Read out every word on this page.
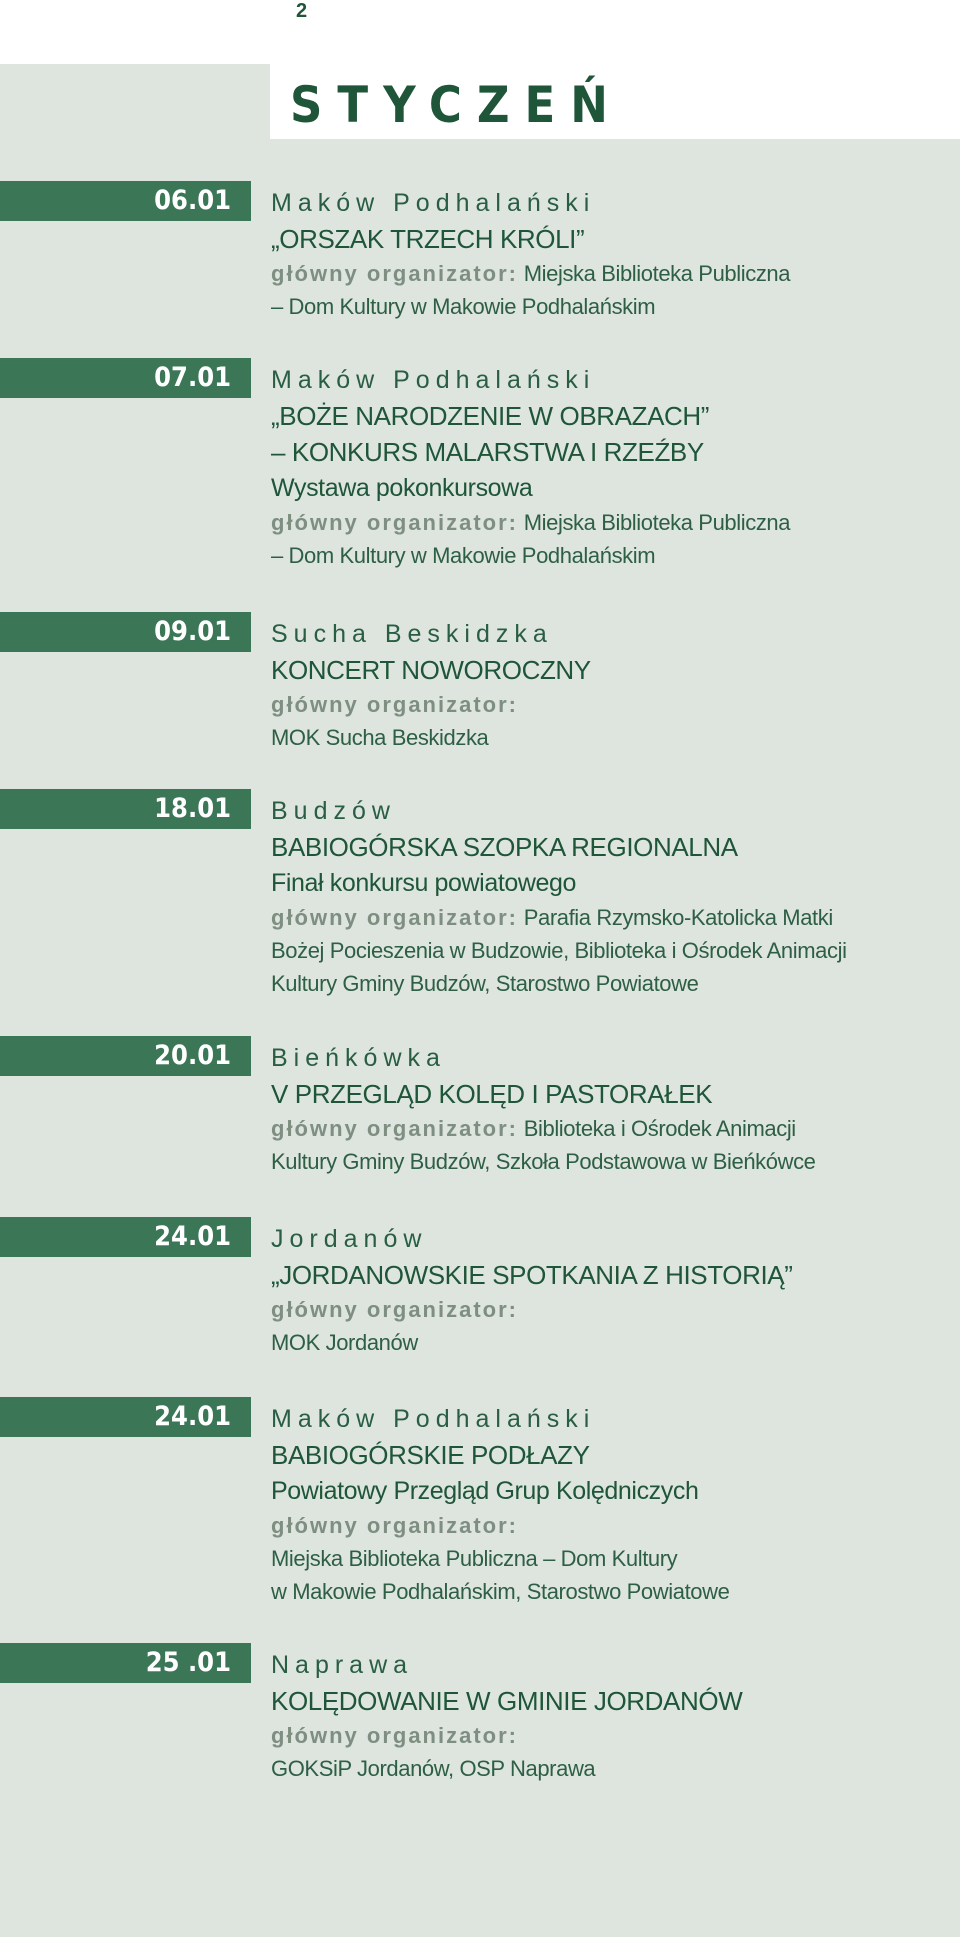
2
STYCZEŃ
06.01	Maków Podhalański
„ORSZAK TRZECH KRÓLI”
główny organizator: Miejska Biblioteka Publiczna
– Dom Kultury w Makowie Podhalańskim
07.01	Maków Podhalański
„BOŻE NARODZENIE W OBRAZACH”
– KONKURS MALARSTWA I RZEŹBY
Wystawa pokonkursowa
główny organizator: Miejska Biblioteka Publiczna
– Dom Kultury w Makowie Podhalańskim
09.01	Sucha Beskidzka
KONCERT NOWOROCZNY
główny organizator:
MOK Sucha Beskidzka
18.01	Budzów
BABIOGÓRSKA SZOPKA REGIONALNA
Finał konkursu powiatowego
główny organizator: Parafia Rzymsko-Katolicka Matki
Bożej Pocieszenia w Budzowie, Biblioteka i Ośrodek Animacji
Kultury Gminy Budzów, Starostwo Powiatowe
20.01	Bieńkówka
V PRZEGLĄD KOLĘD I PASTORAŁEK
główny organizator: Biblioteka i Ośrodek Animacji
Kultury Gminy Budzów, Szkoła Podstawowa w Bieńkówce
24.01	Jordanów
„JORDANOWSKIE SPOTKANIA Z HISTORIĄ”
główny organizator:
MOK Jordanów
24.01	Maków Podhalański
BABIOGÓRSKIE PODŁAZY
Powiatowy Przegląd Grup Kolędniczych
główny organizator:
Miejska Biblioteka Publiczna – Dom Kultury
w Makowie Podhalańskim, Starostwo Powiatowe
25 .01	Naprawa
KOLĘDOWANIE W GMINIE JORDANÓW
główny organizator:
GOKSiP Jordanów, OSP Naprawa
